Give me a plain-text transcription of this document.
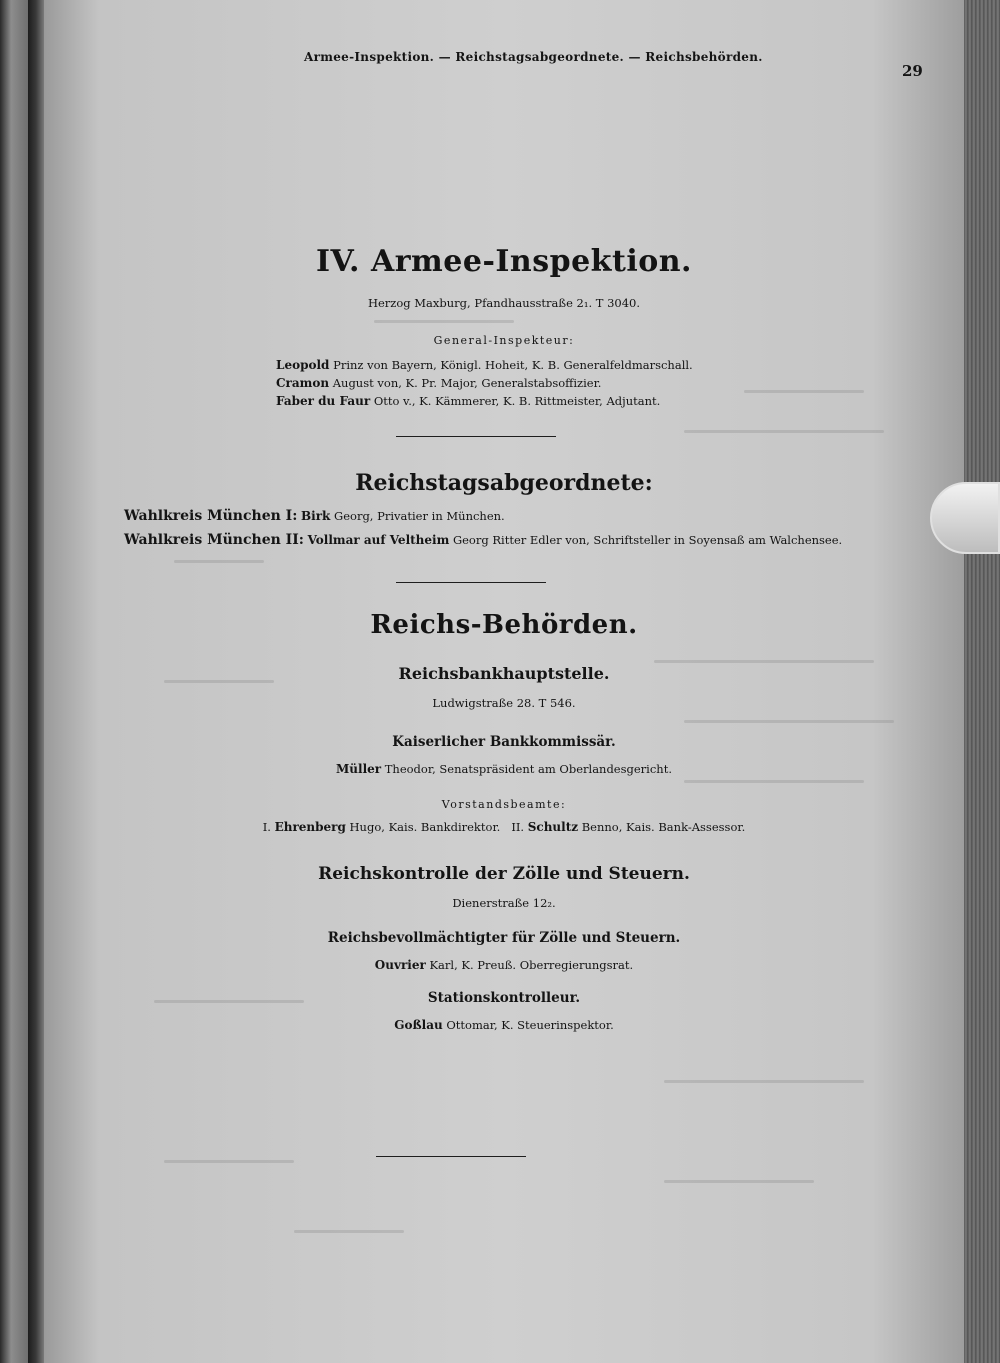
Armee-Inspektion. — Reichstagsabgeordnete. — Reichsbehörden.
29
IV. Armee-Inspektion.
Herzog Maxburg, Pfandhausstraße 2₁. T 3040.
General-Inspekteur:
Leopold Prinz von Bayern, Königl. Hoheit, K. B. Generalfeldmarschall.
Cramon August von, K. Pr. Major, Generalstabsoffizier.
Faber du Faur Otto v., K. Kämmerer, K. B. Rittmeister, Adjutant.
Reichstagsabgeordnete:
Wahlkreis München I: Birk Georg, Privatier in München.
Wahlkreis München II: Vollmar auf Veltheim Georg Ritter Edler von, Schriftsteller in Soyensaß am Walchensee.
Reichs-Behörden.
Reichsbankhauptstelle.
Ludwigstraße 28. T 546.
Kaiserlicher Bankkommissär.
Müller Theodor, Senatspräsident am Oberlandesgericht.
Vorstandsbeamte:
I. Ehrenberg Hugo, Kais. Bankdirektor. II. Schultz Benno, Kais. Bank-Assessor.
Reichskontrolle der Zölle und Steuern.
Dienerstraße 12₂.
Reichsbevollmächtigter für Zölle und Steuern.
Ouvrier Karl, K. Preuß. Oberregierungsrat.
Stationskontrolleur.
Goßlau Ottomar, K. Steuerinspektor.
